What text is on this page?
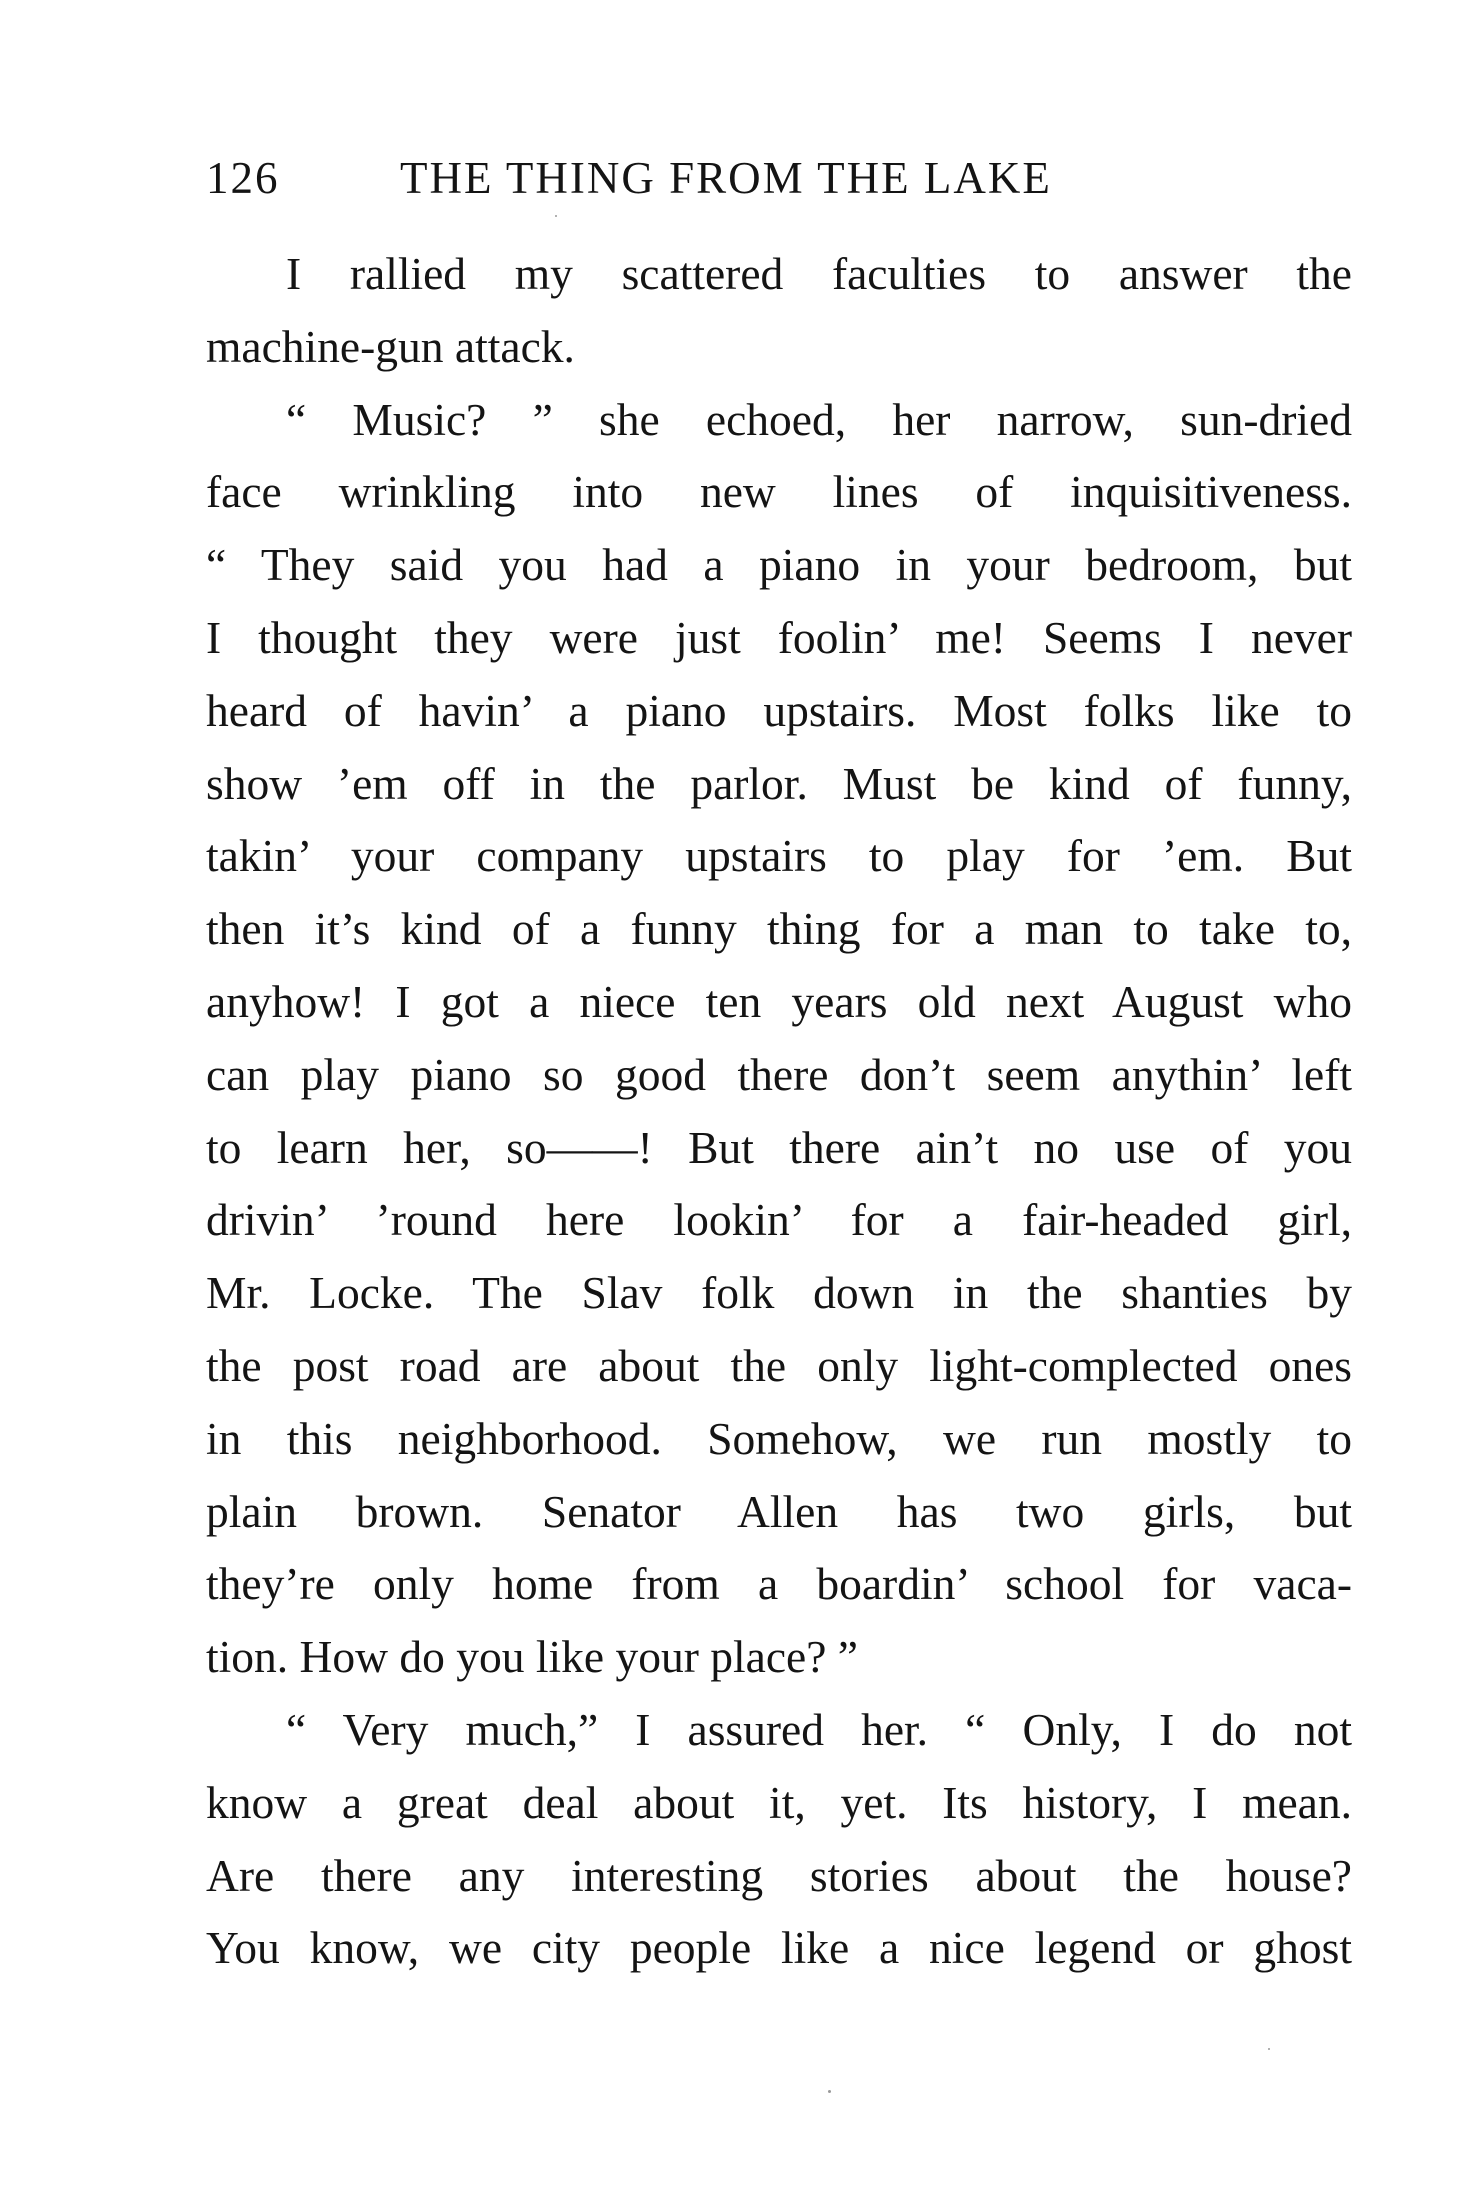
126	THE THING FROM THE LAKE
I rallied my scattered faculties to answer the
machine-gun attack.
“ Music? ” she echoed, her narrow, sun-dried
face wrinkling into new lines of inquisitiveness.
“ They said you had a piano in your bedroom, but
I thought they were just foolin’ me! Seems I never
heard of havin’ a piano upstairs. Most folks like to
show ’em off in the parlor. Must be kind of funny,
takin’ your company upstairs to play for ’em. But
then it’s kind of a funny thing for a man to take to,
anyhow! I got a niece ten years old next August who
can play piano so good there don’t seem anythin’ left
to learn her, so——! But there ain’t no use of you
drivin’ ’round here lookin’ for a fair-headed girl,
Mr. Locke. The Slav folk down in the shanties by
the post road are about the only light-complected ones
in this neighborhood. Somehow, we run mostly to
plain brown. Senator Allen has two girls, but
they’re only home from a boardin’ school for vaca-
tion. How do you like your place? ”
“ Very much,” I assured her. “ Only, I do not
know a great deal about it, yet. Its history, I mean.
Are there any interesting stories about the house?
You know, we city people like a nice legend or ghost
